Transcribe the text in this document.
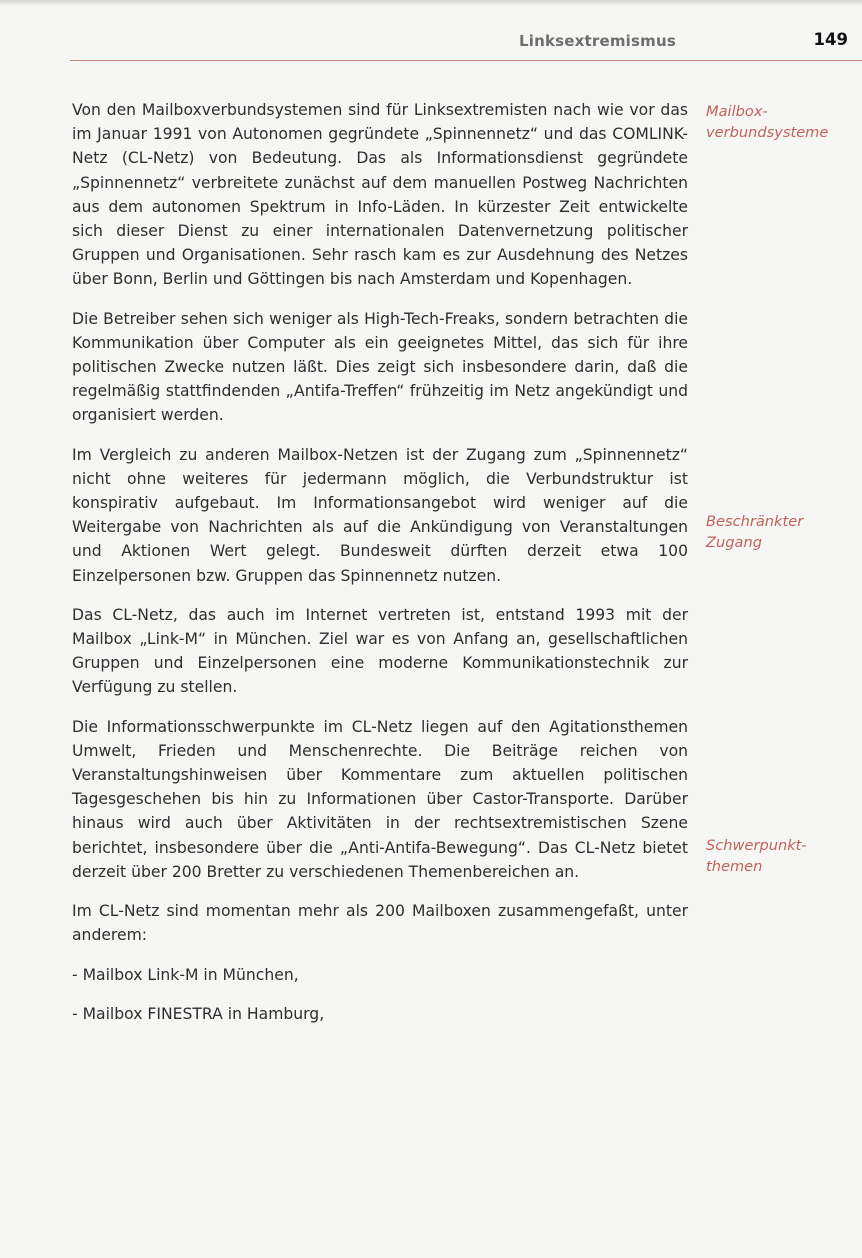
Linksextremismus	149

Von den Mailboxverbundsystemen sind für Linksextremisten nach wie vor das im Januar 1991 von Autonomen gegründete „Spinnennetz“ und das COMLINK-Netz (CL-Netz) von Bedeutung. Das als Informationsdienst gegründete „Spinnennetz“ verbreitete zunächst auf dem manuellen Postweg Nachrichten aus dem autonomen Spektrum in Info-Läden. In kürzester Zeit entwickelte sich dieser Dienst zu einer internationalen Datenvernetzung politischer Gruppen und Organisationen. Sehr rasch kam es zur Ausdehnung des Netzes über Bonn, Berlin und Göttingen bis nach Amsterdam und Kopenhagen.

Die Betreiber sehen sich weniger als High-Tech-Freaks, sondern betrachten die Kommunikation über Computer als ein geeignetes Mittel, das sich für ihre politischen Zwecke nutzen läßt. Dies zeigt sich insbesondere darin, daß die regelmäßig stattfindenden „Antifa-Treffen“ frühzeitig im Netz angekündigt und organisiert werden.

Im Vergleich zu anderen Mailbox-Netzen ist der Zugang zum „Spinnennetz“ nicht ohne weiteres für jedermann möglich, die Verbundstruktur ist konspirativ aufgebaut. Im Informationsangebot wird weniger auf die Weitergabe von Nachrichten als auf die Ankündigung von Veranstaltungen und Aktionen Wert gelegt. Bundesweit dürften derzeit etwa 100 Einzelpersonen bzw. Gruppen das Spinnennetz nutzen.

Das CL-Netz, das auch im Internet vertreten ist, entstand 1993 mit der Mailbox „Link-M“ in München. Ziel war es von Anfang an, gesellschaftlichen Gruppen und Einzelpersonen eine moderne Kommunikationstechnik zur Verfügung zu stellen.

Die Informationsschwerpunkte im CL-Netz liegen auf den Agitationsthemen Umwelt, Frieden und Menschenrechte. Die Beiträge reichen von Veranstaltungshinweisen über Kommentare zum aktuellen politischen Tagesgeschehen bis hin zu Informationen über Castor-Transporte. Darüber hinaus wird auch über Aktivitäten in der rechtsextremistischen Szene berichtet, insbesondere über die „Anti-Antifa-Bewegung“. Das CL-Netz bietet derzeit über 200 Bretter zu verschiedenen Themenbereichen an.

Im CL-Netz sind momentan mehr als 200 Mailboxen zusammengefaßt, unter anderem:

- Mailbox Link-M in München,
- Mailbox FINESTRA in Hamburg,
Mailbox-
verbundsysteme
Beschränkter
Zugang
Schwerpunkt-
themen
